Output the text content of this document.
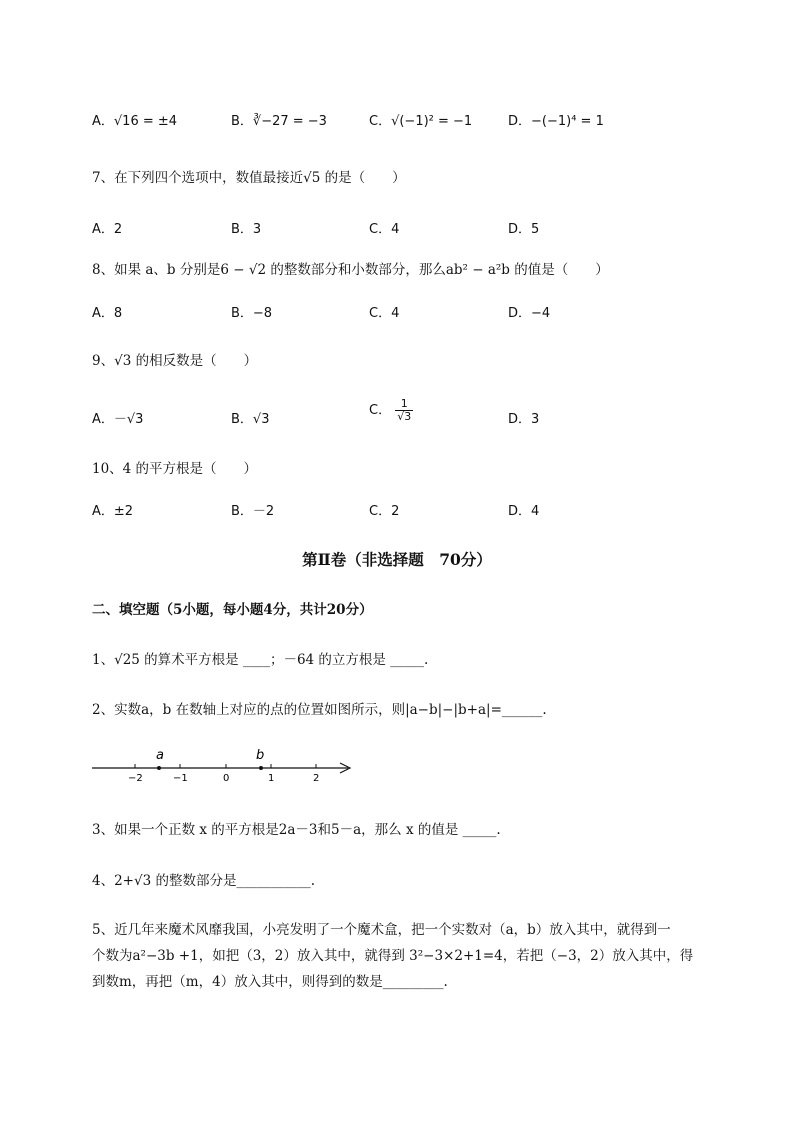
A．√16 = ±4	B．∛−27 = −3	C．√(−1)² = −1	D．−(−1)⁴ = 1
7、在下列四个选项中，数值最接近√5 的是（　　）
A．2	B．3	C．4	D．5
8、如果 a、b 分别是6 − √2 的整数部分和小数部分，那么ab² − a²b 的值是（　　）
A．8	B．−8	C．4	D．−4
9、√3 的相反数是（　　）
A．－√3	B．√3
C． $\frac{1}{√3}$	D．3
10、4 的平方根是（　　）
A．±2	B．－2	C．2	D．4
第Ⅱ卷（非选择题　70分）
二、填空题（5小题，每小题4分，共计20分）
1、√25 的算术平方根是 ____；－64 的立方根是 _____.
2、实数a，b 在数轴上对应的点的位置如图所示，则|a−b|−|b+a|=______.
a	b
−2	−1	0	1	2
3、如果一个正数 x 的平方根是2a－3和5－a，那么 x 的值是 _____.
4、2+√3 的整数部分是___________.
5、近几年来魔术风靡我国，小亮发明了一个魔术盒，把一个实数对（a，b）放入其中，就得到一
个数为a²−3b +1，如把（3，2）放入其中，就得到 3²−3×2+1=4，若把（−3，2）放入其中，得
到数m，再把（m，4）放入其中，则得到的数是_________.
